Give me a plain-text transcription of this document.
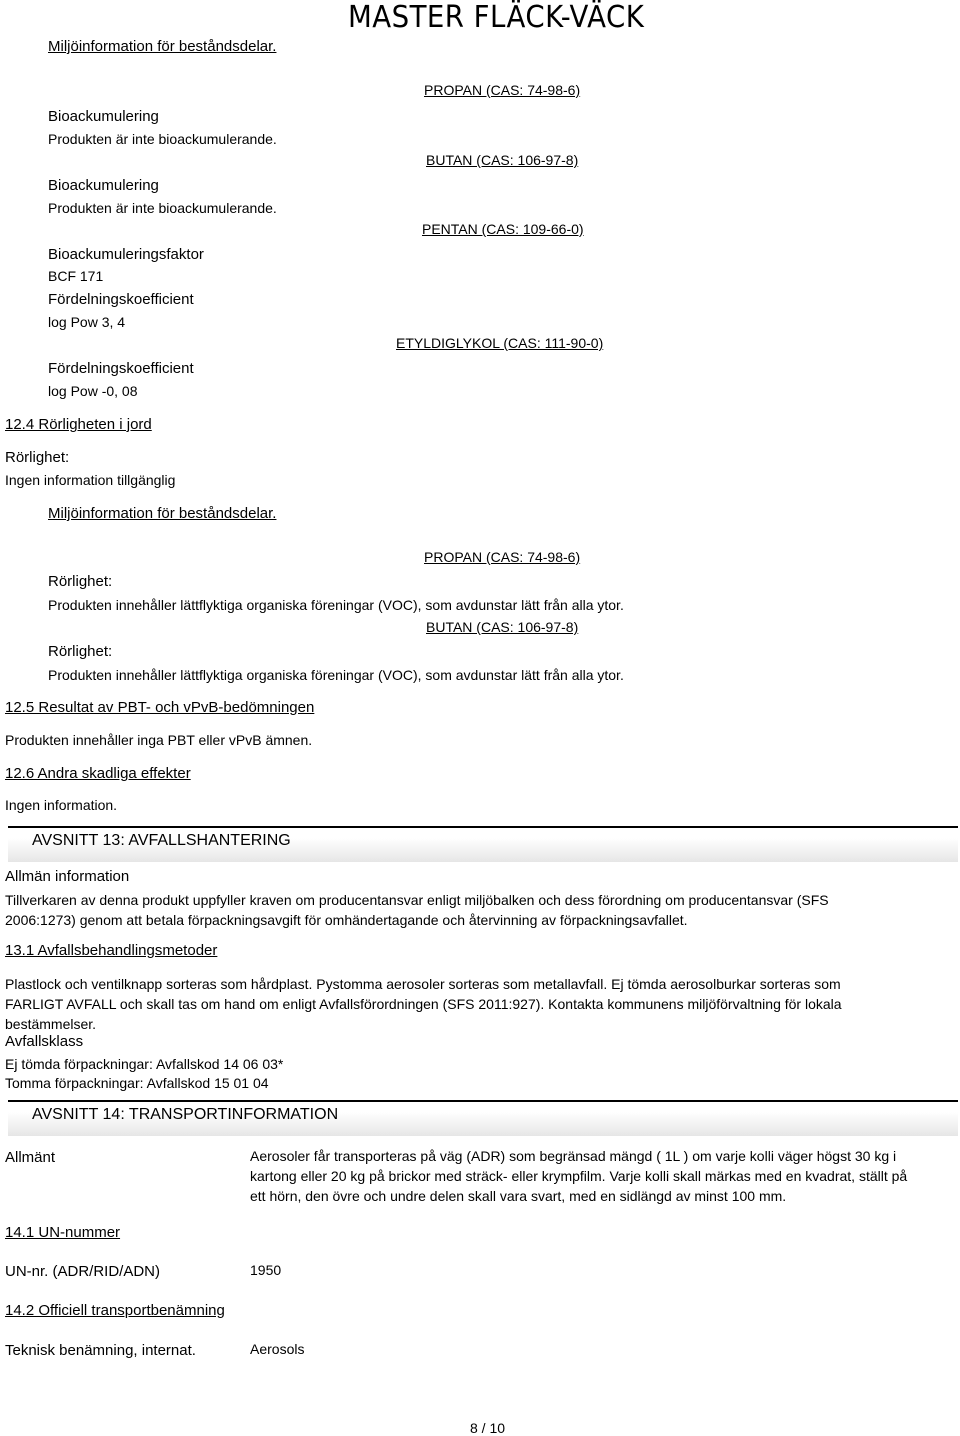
MASTER FLÄCK-VÄCK
Miljöinformation för beståndsdelar.
Bioackumulering
Produkten är inte bioackumulerande.
Bioackumulering
Produkten är inte bioackumulerande.
Bioackumuleringsfaktor
BCF 171
Fördelningskoefficient
log Pow 3, 4
Fördelningskoefficient
log Pow -0, 08
PROPAN (CAS: 74-98-6)
BUTAN (CAS: 106-97-8)
PENTAN (CAS: 109-66-0)
ETYLDIGLYKOL (CAS: 111-90-0)
12.4 Rörligheten i jord
Rörlighet:
Ingen information tillgänglig
Miljöinformation för beståndsdelar.
PROPAN (CAS: 74-98-6)
Rörlighet:
Produkten innehåller lättflyktiga organiska föreningar (VOC), som avdunstar lätt från alla ytor.
BUTAN (CAS: 106-97-8)
Rörlighet:
Produkten innehåller lättflyktiga organiska föreningar (VOC), som avdunstar lätt från alla ytor.
12.5 Resultat av PBT- och vPvB-bedömningen
Produkten innehåller inga PBT eller vPvB ämnen.
12.6 Andra skadliga effekter
Ingen information.
AVSNITT 13: AVFALLSHANTERING
Allmän information
Tillverkaren av denna produkt uppfyller kraven om producentansvar enligt miljöbalken och dess förordning om producentansvar (SFS 2006:1273) genom att betala förpackningsavgift för omhändertagande och återvinning av förpackningsavfallet.
13.1 Avfallsbehandlingsmetoder
Plastlock och ventilknapp sorteras som hårdplast. Pystomma aerosoler sorteras som metallavfall. Ej tömda aerosolburkar sorteras som FARLIGT AVFALL och skall tas om hand om enligt Avfallsförordningen (SFS 2011:927). Kontakta kommunens miljöförvaltning för lokala bestämmelser.
Avfallsklass
Ej tömda förpackningar: Avfallskod 14 06 03*
Tomma förpackningar: Avfallskod 15 01 04
AVSNITT 14: TRANSPORTINFORMATION
Allmänt	Aerosoler får transporteras på väg (ADR) som begränsad mängd ( 1L ) om varje kolli väger högst 30 kg i kartong eller 20 kg på brickor med sträck- eller krympfilm. Varje kolli skall märkas med en kvadrat, ställt på ett hörn, den övre och undre delen skall vara svart, med en sidlängd av minst 100 mm.
14.1 UN-nummer
UN-nr. (ADR/RID/ADN)	1950
14.2 Officiell transportbenämning
Teknisk benämning, internat.	Aerosols
8 / 10
